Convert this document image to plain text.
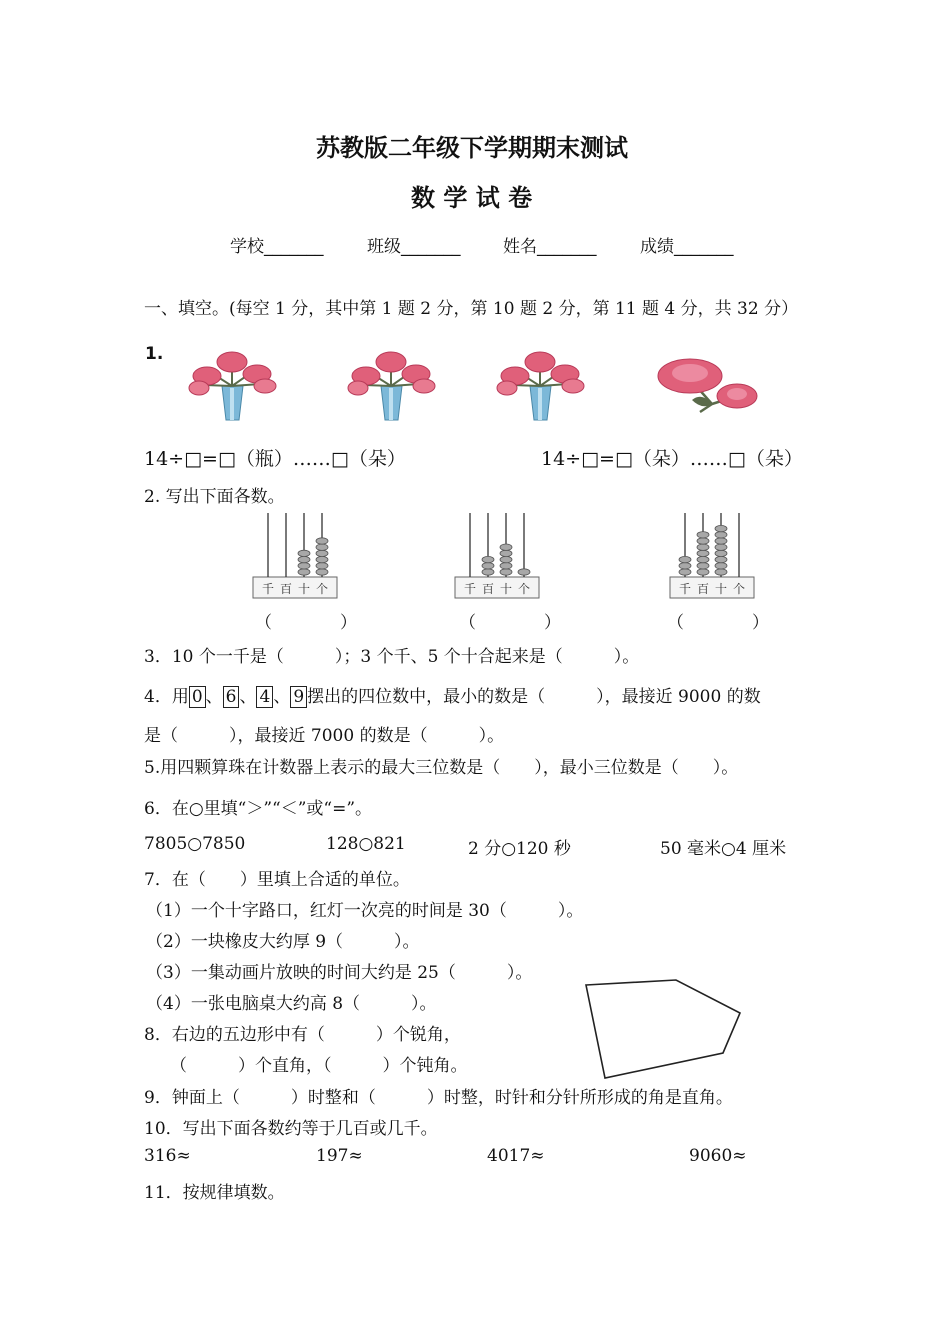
苏教版二年级下学期期末测试
数 学 试 卷
学校_______	班级_______	姓名_______	成绩_______
一、填空。(每空 1 分，其中第 1 题 2 分，第 10 题 2 分，第 11 题 4 分，共 32 分）
1.
14÷□=□（瓶）……□（朵）	14÷□=□（朵）……□（朵）
2. 写出下面各数。
千 百 十 个	千 百 十 个	千 百 十 个
（　　　　）	（　　　　）	（　　　　）
3．10 个一千是（　　　）；3 个千、5 个十合起来是（　　　）。
4．用 0 、 6 、 4 、 9 摆出的四位数中，最小的数是（　　　），最接近 9000 的数
是（　　　），最接近 7000 的数是（　　　）。
5.用四颗算珠在计数器上表示的最大三位数是（　　），最小三位数是（　　）。
6．在○里填“＞”“＜”或“=”。
7805○7850	128○821	2 分○120 秒	50 毫米○4 厘米
7．在（　　）里填上合适的单位。
（1）一个十字路口，红灯一次亮的时间是 30（　　　）。
（2）一块橡皮大约厚 9（　　　）。
（3）一集动画片放映的时间大约是 25（　　　）。
（4）一张电脑桌大约高 8（　　　）。
8．右边的五边形中有（　　　）个锐角，
（　　　）个直角，（　　　）个钝角。
9．钟面上（　　　）时整和（　　　）时整，时针和分针所形成的角是直角。
10．写出下面各数约等于几百或几千。
316≈	197≈	4017≈	9060≈
11．按规律填数。
